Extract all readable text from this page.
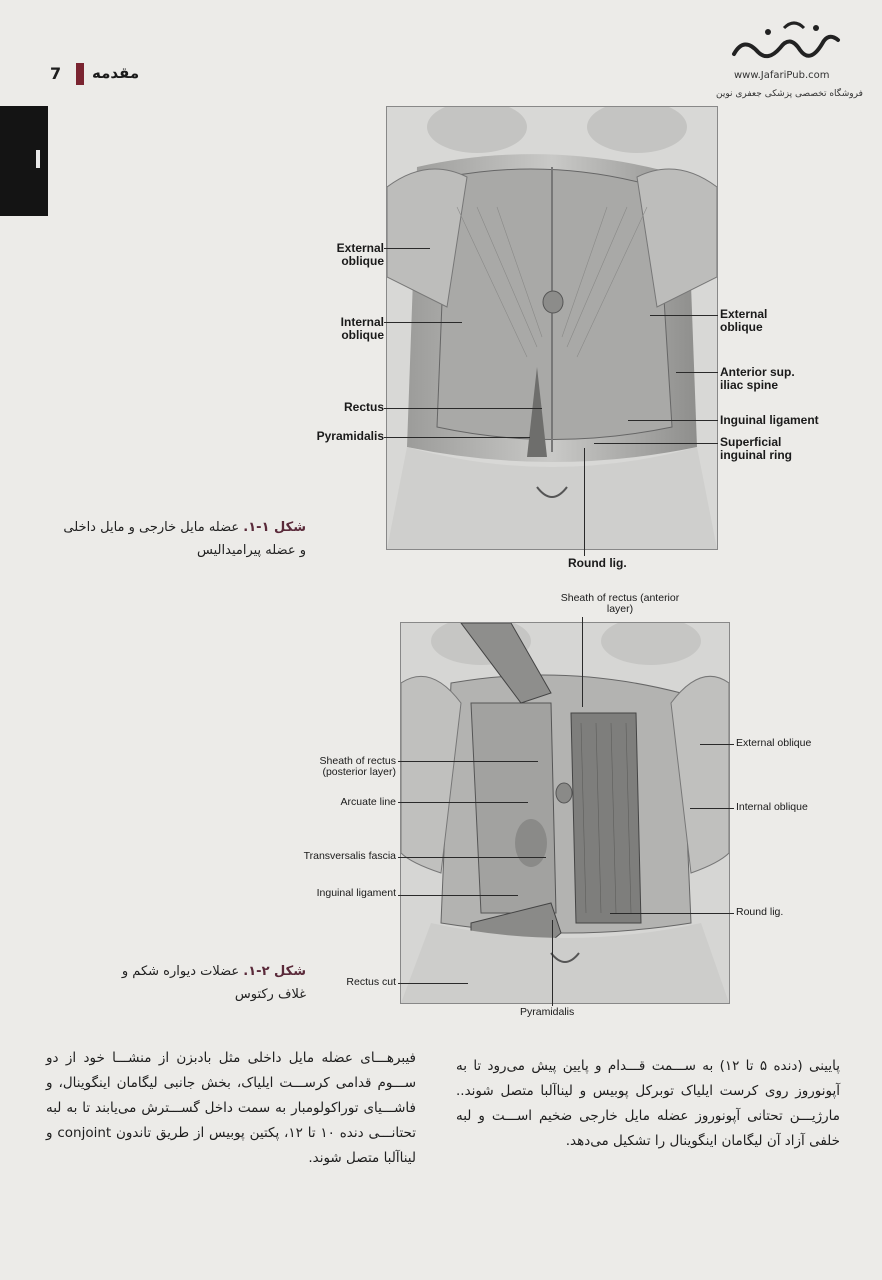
مقدمه
7	www.JafariPub.com
فروشگاه تخصصی پزشکی جعفری نوین
External oblique
Internal oblique
Rectus
Pyramidalis
External oblique
Anterior sup. iliac spine
Inguinal ligament
Superficial inguinal ring
Round lig.
شکل ۱-۱. عضله مایل خارجی و مایل داخلی
و عضله پیرامیدالیس
Sheath of rectus (anterior layer)
Sheath of rectus (posterior layer)
Arcuate line
Transversalis fascia
Inguinal ligament
Rectus cut
External oblique
Internal oblique
Round lig.
Pyramidalis
شکل ۲-۱. عضلات دیواره شکم و
غلاف رکتوس
فیبرهـــای عضله مایل داخلی مثل بادبزن از منشـــا خود از دو ســـوم قدامی کرســـت ایلیاک، بخش جانبی لیگامان اینگوینال، و فاشـــیای توراکولومبار به سمت داخل گســـترش می‌یابند تا به لبه تحتانـــی دنده ۱۰ تا ۱۲، پکتین پوبیس از طریق تاندون conjoint و لینا‌آلبا متصل شوند.
پایینی (دنده ۵ تا ۱۲) به ســـمت قـــدام و پایین پیش می‌رود تا به آپونوروز روی کرست ایلیاک توبرکل پوبیس و لینا‌آلبا متصل شوند.. مارژیـــن تحتانی آپونوروز عضله مایل خارجی ضخیم اســـت و لبه خلفی آزاد آن لیگامان اینگوینال را تشکیل می‌دهد.
